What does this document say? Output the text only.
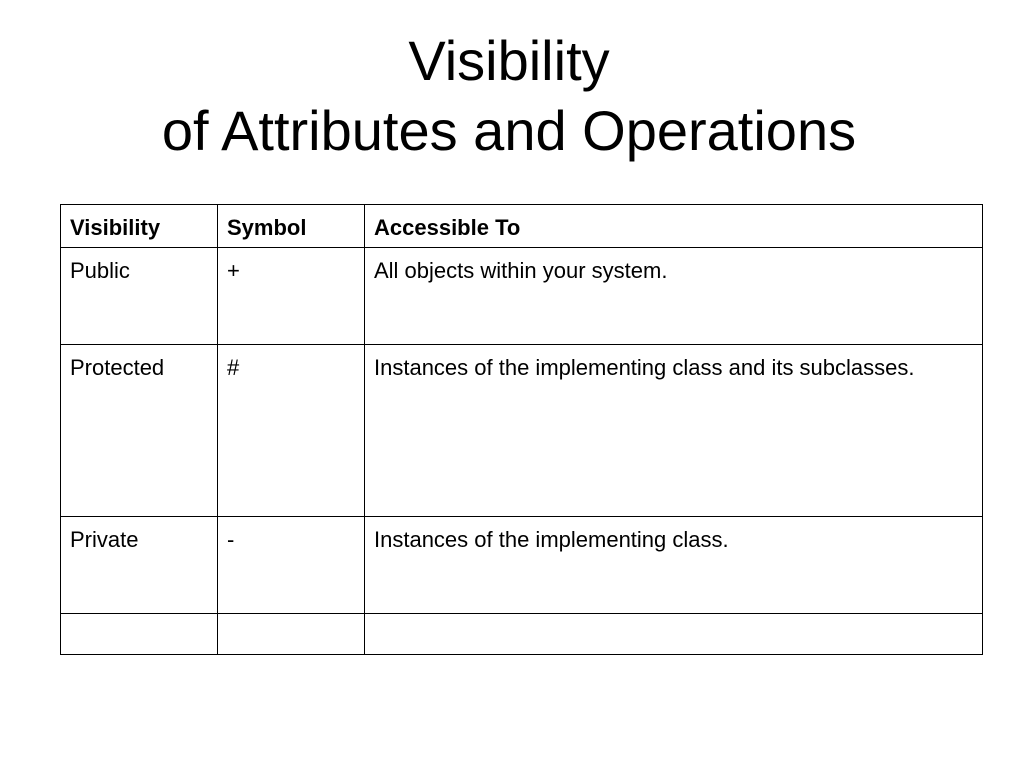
Visibility
of Attributes and Operations
Visibility	Symbol	Accessible To
Public	+	All objects within your system.

Protected	#	Instances of the implementing class and its subclasses.

Private	-	Instances of the implementing class.
